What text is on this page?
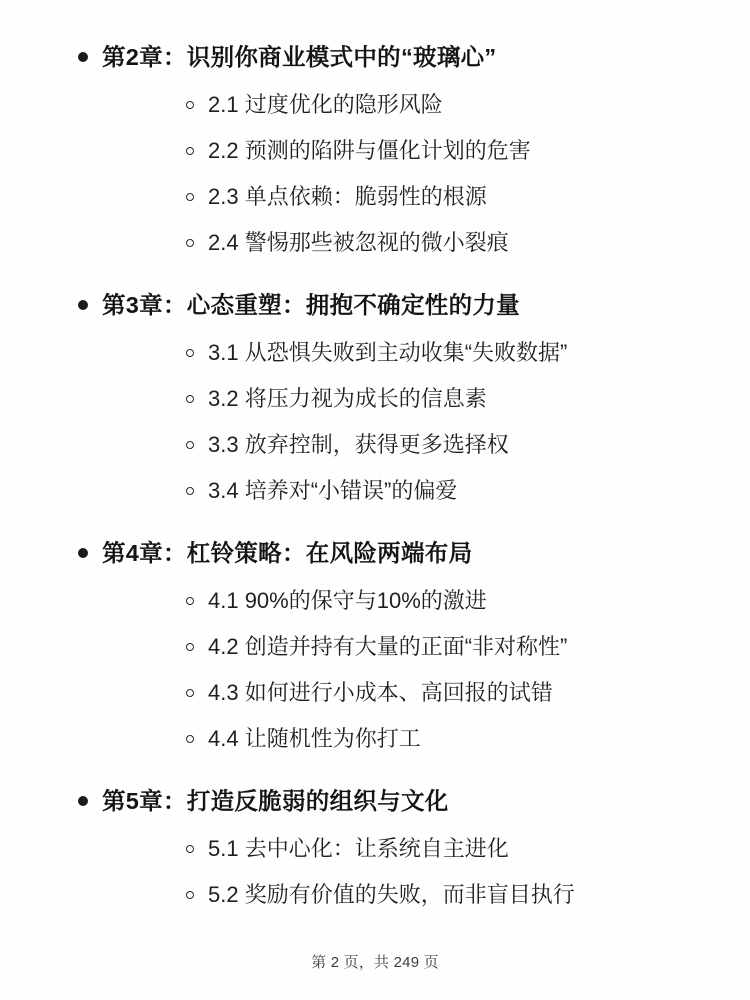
第2章：识别你商业模式中的“玻璃心”
2.1 过度优化的隐形风险
2.2 预测的陷阱与僵化计划的危害
2.3 单点依赖：脆弱性的根源
2.4 警惕那些被忽视的微小裂痕
第3章：心态重塑：拥抱不确定性的力量
3.1 从恐惧失败到主动收集“失败数据”
3.2 将压力视为成长的信息素
3.3 放弃控制，获得更多选择权
3.4 培养对“小错误”的偏爱
第4章：杠铃策略：在风险两端布局
4.1 90%的保守与10%的激进
4.2 创造并持有大量的正面“非对称性”
4.3 如何进行小成本、高回报的试错
4.4 让随机性为你打工
第5章：打造反脆弱的组织与文化
5.1 去中心化：让系统自主进化
5.2 奖励有价值的失败，而非盲目执行
第 2 页，共 249 页
